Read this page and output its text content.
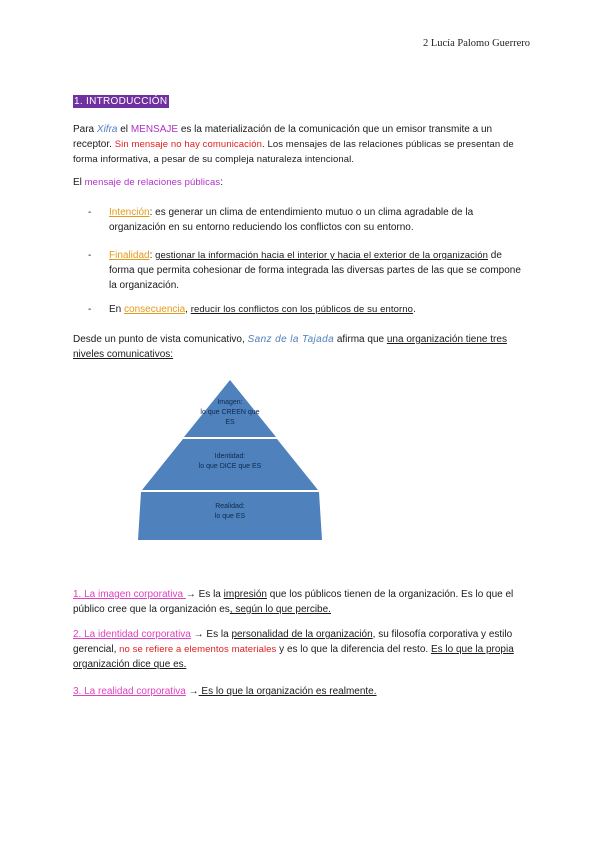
2 Lucía Palomo Guerrero
1. INTRODUCCIÓN
Para Xifra el MENSAJE es la materialización de la comunicación que un emisor transmite a un receptor. Sin mensaje no hay comunicación. Los mensajes de las relaciones públicas se presentan de forma informativa, a pesar de su compleja naturaleza intencional.
El mensaje de relaciones públicas:
- Intención: es generar un clima de entendimiento mutuo o un clima agradable de la organización en su entorno reduciendo los conflictos con su entorno.
- Finalidad: gestionar la información hacia el interior y hacia el exterior de la organización de forma que permita cohesionar de forma integrada las diversas partes de las que se compone la organización.
- En consecuencia, reducir los conflictos con los públicos de su entorno.
Desde un punto de vista comunicativo, Sanz de la Tajada afirma que una organización tiene tres niveles comunicativos:
Imagen:
lo que CREEN que ES
Identidad:
lo que DICE que ES
Realidad:
lo que ES
1. La imagen corporativa → Es la impresión que los públicos tienen de la organización. Es lo que el público cree que la organización es, según lo que percibe.
2. La identidad corporativa → Es la personalidad de la organización, su filosofía corporativa y estilo gerencial, no se refiere a elementos materiales y es lo que la diferencia del resto. Es lo que la propia organización dice que es.
3. La realidad corporativa → Es lo que la organización es realmente.
